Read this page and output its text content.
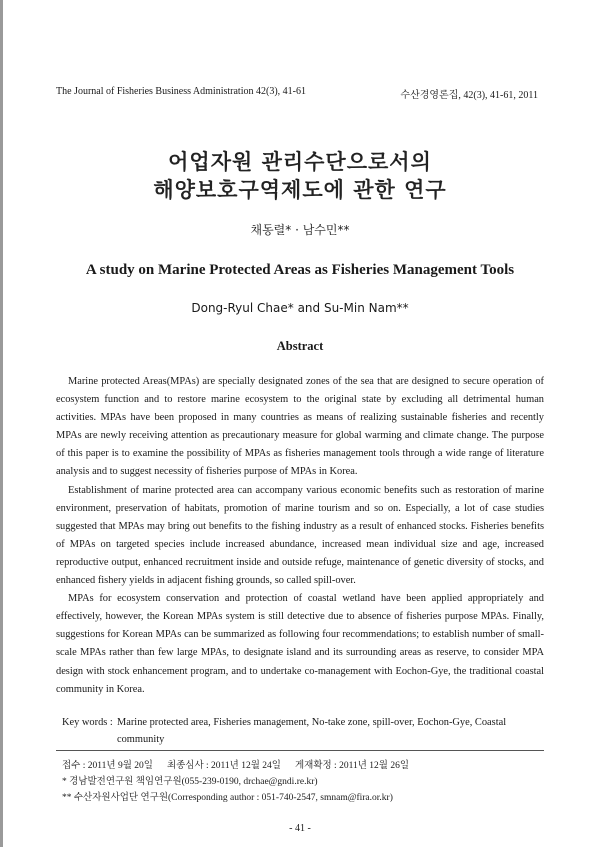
The Journal of Fisheries Business Administration 42(3), 41-61	수산경영론집, 42(3), 41-61, 2011
어업자원 관리수단으로서의
해양보호구역제도에 관한 연구
채동렬* · 남수민**
A study on Marine Protected Areas as Fisheries Management Tools
Dong-Ryul Chae* and Su-Min Nam**
Abstract

Marine protected Areas(MPAs) are specially designated zones of the sea that are designed to secure operation of ecosystem function and to restore marine ecosystem to the original state by excluding all detrimental human activities. MPAs have been proposed in many countries as means of realizing sustainable fisheries and recently MPAs are newly receiving attention as precautionary measure for global warming and climate change. The purpose of this paper is to examine the possibility of MPAs as fisheries management tools through a wide range of literature analysis and to suggest necessity of fisheries purpose of MPAs in Korea.

Establishment of marine protected area can accompany various economic benefits such as restoration of marine environment, preservation of habitats, promotion of marine tourism and so on. Especially, a lot of case studies suggested that MPAs may bring out benefits to the fishing industry as a result of enhanced stocks. Fisheries benefits of MPAs on targeted species include increased abundance, increased mean individual size and age, increased reproductive output, enhanced recruitment inside and outside refuge, maintenance of genetic diversity of stocks, and enhanced fishery yields in adjacent fishing grounds, so called spill-over.

MPAs for ecosystem conservation and protection of coastal wetland have been applied appropriately and effectively, however, the Korean MPAs system is still detective due to absence of fisheries purpose MPAs. Finally, suggestions for Korean MPAs can be summarized as following four recommendations; to establish number of small-scale MPAs rather than few large MPAs, to designate island and its surrounding areas as reserve, to consider MPA design with stock enhancement program, and to undertake co-management with Eochon-Gye, the traditional coastal community in Korea.

Key words : Marine protected area, Fisheries management, No-take zone, spill-over, Eochon-Gye, Coastal community
접수 : 2011년 9월 20일 최종심사 : 2011년 12월 24일 게재확정 : 2011년 12월 26일
* 경남발전연구원 책임연구원(055-239-0190, drchae@gndi.re.kr)
** 수산자원사업단 연구원(Corresponding author : 051-740-2547, smnam@fira.or.kr)
- 41 -
